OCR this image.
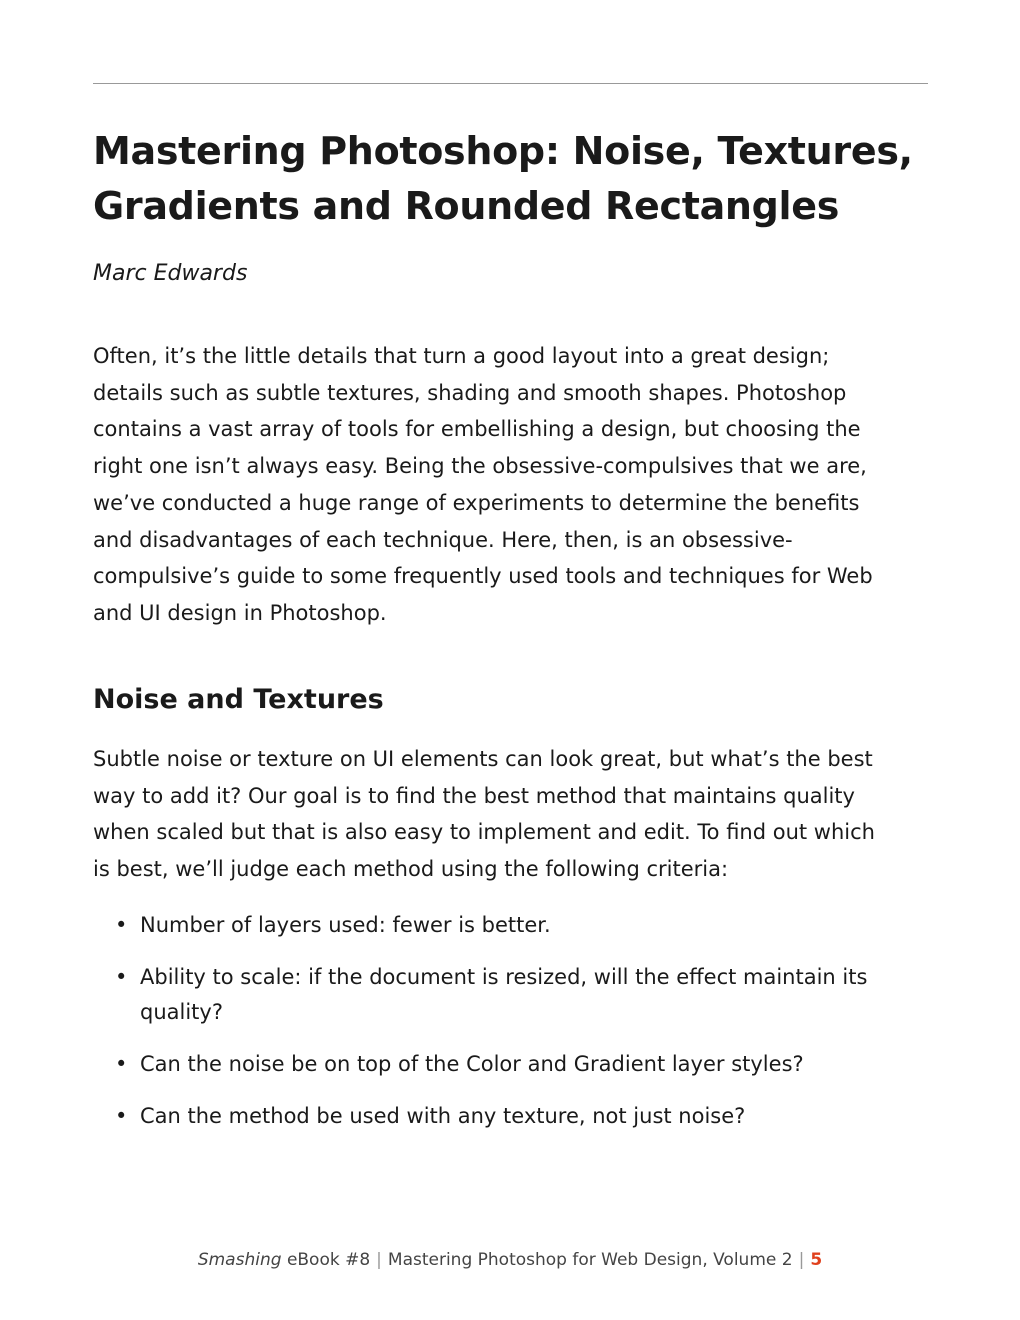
Mastering Photoshop: Noise, Textures,
Gradients and Rounded Rectangles
Marc Edwards
Often, it’s the little details that turn a good layout into a great design;
details such as subtle textures, shading and smooth shapes. Photoshop
contains a vast array of tools for embellishing a design, but choosing the
right one isn’t always easy. Being the obsessive-compulsives that we are,
we’ve conducted a huge range of experiments to determine the benefits
and disadvantages of each technique. Here, then, is an obsessive-
compulsive’s guide to some frequently used tools and techniques for Web
and UI design in Photoshop.
Noise and Textures
Subtle noise or texture on UI elements can look great, but what’s the best
way to add it? Our goal is to find the best method that maintains quality
when scaled but that is also easy to implement and edit. To find out which
is best, we’ll judge each method using the following criteria:
• Number of layers used: fewer is better.
• Ability to scale: if the document is resized, will the effect maintain its
quality?
• Can the noise be on top of the Color and Gradient layer styles?
• Can the method be used with any texture, not just noise?
Smashing eBook #8 | Mastering Photoshop for Web Design, Volume 2 | 5
